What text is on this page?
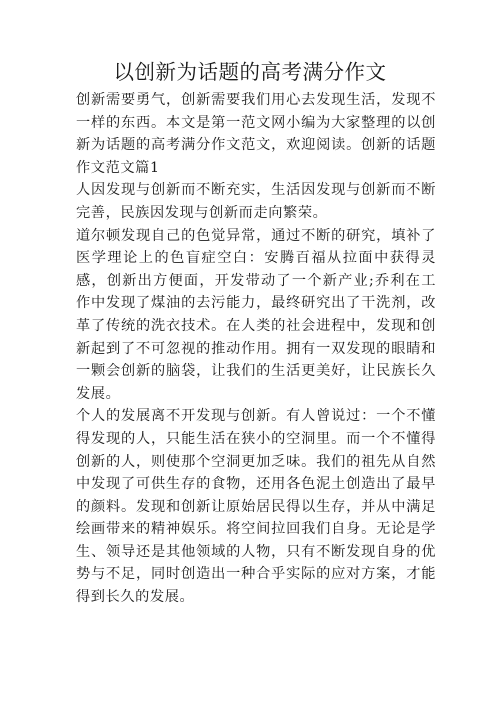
以创新为话题的高考满分作文

创新需要勇气，创新需要我们用心去发现生活，发现不一样的东西。本文是第一范文网小编为大家整理的以创新为话题的高考满分作文范文，欢迎阅读。创新的话题作文范文篇1

人因发现与创新而不断充实，生活因发现与创新而不断完善，民族因发现与创新而走向繁荣。

道尔顿发现自己的色觉异常，通过不断的研究，填补了医学理论上的色盲症空白：安腾百福从拉面中获得灵感，创新出方便面，开发带动了一个新产业;乔利在工作中发现了煤油的去污能力，最终研究出了干洗剂，改革了传统的洗衣技术。在人类的社会进程中，发现和创新起到了不可忽视的推动作用。拥有一双发现的眼睛和一颗会创新的脑袋，让我们的生活更美好，让民族长久发展。

个人的发展离不开发现与创新。有人曾说过：一个不懂得发现的人，只能生活在狭小的空洞里。而一个不懂得创新的人，则使那个空洞更加乏味。我们的祖先从自然中发现了可供生存的食物，还用各色泥土创造出了最早的颜料。发现和创新让原始居民得以生存，并从中满足绘画带来的精神娱乐。将空间拉回我们自身。无论是学生、领导还是其他领域的人物，只有不断发现自身的优势与不足，同时创造出一种合乎实际的应对方案，才能得到长久的发展。
